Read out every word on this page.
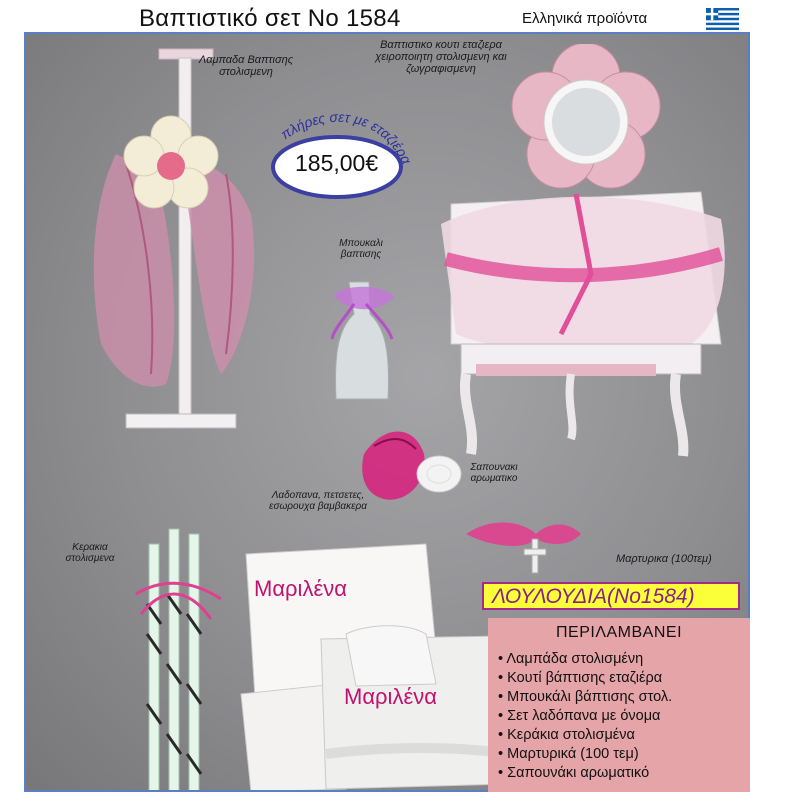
Βαπτιστικό σετ No 1584	Ελληνικά προϊόντα
Μαριλένα
Μαριλένα
Λαμπαδα Βαπτισης στολισμενη
Βαπτιστικο κουτι εταζιερα χειροποιητη στολισμενη και ζωγραφισμενη
Μπουκαλι βαπτισης
Σαπουνακι αρωματικο
Λαδοπανα, πετσετες, εσωρουχα βαμβακερα
Κερακια στολισμενα	Μαρτυρικα (100τεμ)
πλήρες σετ με εταζιέρα
185,00€
ΛΟΥΛΟΥΔΙΑ(Νο1584)
ΠΕΡΙΛΑΜΒΑΝΕΙ
• Λαμπάδα στολισμένη
• Κουτί βάπτισης εταζιέρα
• Μπουκάλι βάπτισης στολ.
• Σετ λαδόπανα με όνομα
• Κεράκια στολισμένα
• Μαρτυρικά (100 τεμ)
• Σαπουνάκι αρωματικό
